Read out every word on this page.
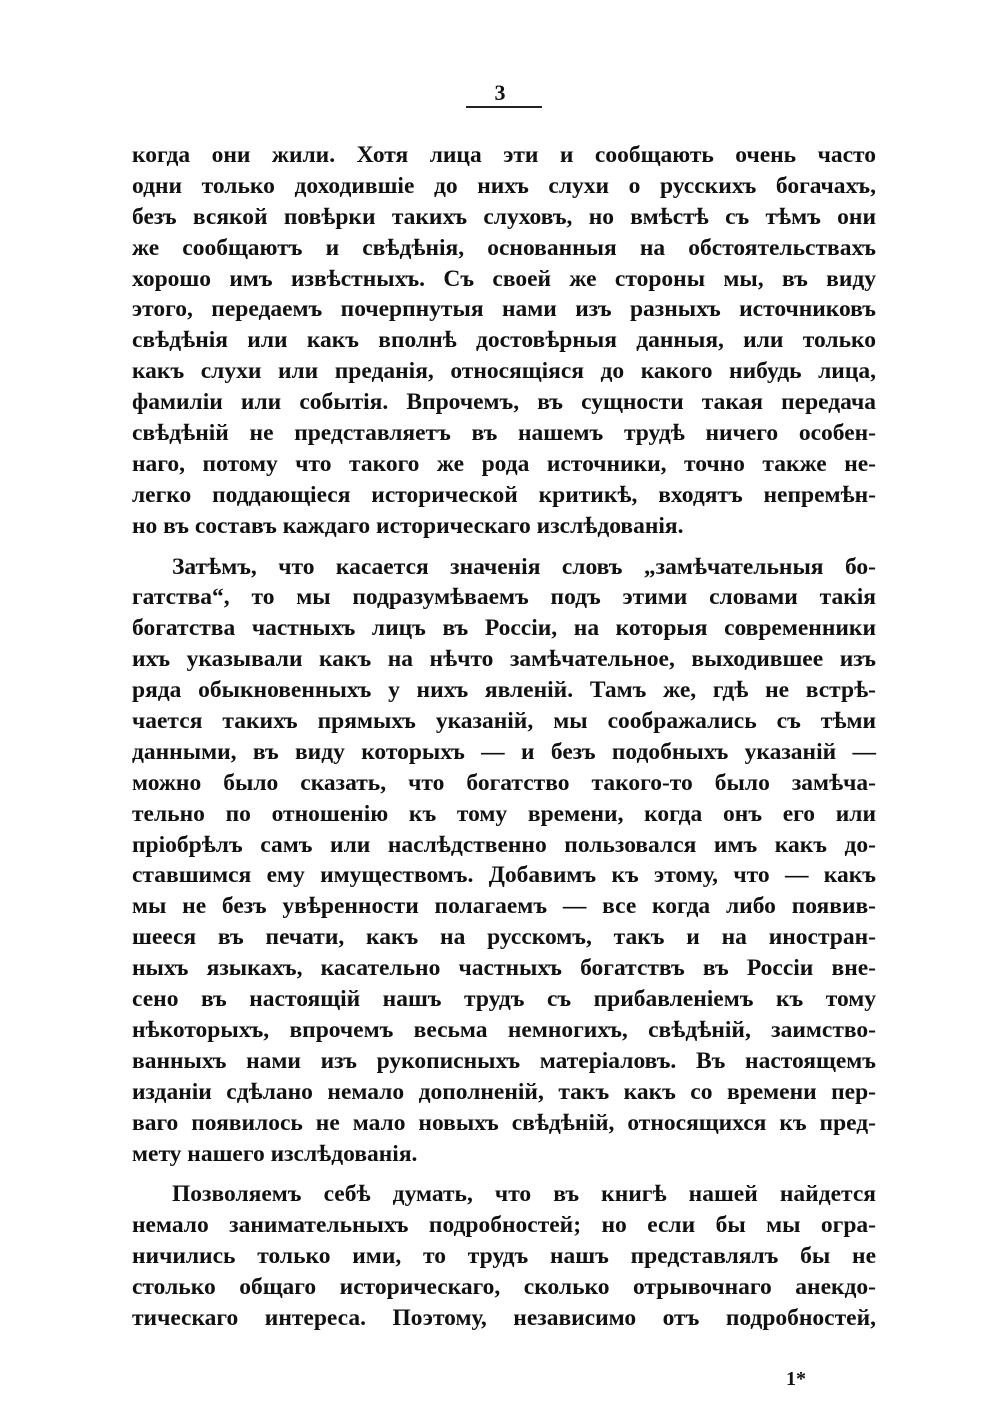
3
когда они жили. Хотя лица эти и сообщають очень часто
одни только доходившіе до нихъ слухи о русскихъ богачахъ,
безъ всякой повѣрки такихъ слуховъ, но вмѣстѣ съ тѣмъ они
же сообщаютъ и свѣдѣнія, основанныя на обстоятельствахъ
хорошо имъ извѣстныхъ. Съ своей же стороны мы, въ виду
этого, передаемъ почерпнутыя нами изъ разныхъ источниковъ
свѣдѣнія или какъ вполнѣ достовѣрныя данныя, или только
какъ слухи или преданія, относящіяся до какого нибудь лица,
фамиліи или событія. Впрочемъ, въ сущности такая передача
свѣдѣній не представляетъ въ нашемъ трудѣ ничего особен-
наго, потому что такого же рода источники, точно также не-
легко поддающіеся исторической критикѣ, входятъ непремѣн-
но въ составъ каждаго историческаго изслѣдованія.
Затѣмъ, что касается значенія словъ „замѣчательныя бо-
гатства“, то мы подразумѣваемъ подъ этими словами такія
богатства частныхъ лицъ въ Россіи, на которыя современники
ихъ указывали какъ на нѣчто замѣчательное, выходившее изъ
ряда обыкновенныхъ у нихъ явленій. Тамъ же, гдѣ не встрѣ-
чается такихъ прямыхъ указаній, мы соображались съ тѣми
данными, въ виду которыхъ — и безъ подобныхъ указаній —
можно было сказать, что богатство такого-то было замѣча-
тельно по отношенію къ тому времени, когда онъ его или
пріобрѣлъ самъ или наслѣдственно пользовался имъ какъ до-
ставшимся ему имуществомъ. Добавимъ къ этому, что — какъ
мы не безъ увѣренности полагаемъ — все когда либо появив-
шееся въ печати, какъ на русскомъ, такъ и на иностран-
ныхъ языкахъ, касательно частныхъ богатствъ въ Россіи вне-
сено въ настоящій нашъ трудъ съ прибавленіемъ къ тому
нѣкоторыхъ, впрочемъ весьма немногихъ, свѣдѣній, заимство-
ванныхъ нами изъ рукописныхъ матеріаловъ. Въ настоящемъ
изданіи сдѣлано немало дополненій, такъ какъ со времени пер-
ваго появилось не мало новыхъ свѣдѣній, относящихся къ пред-
мету нашего изслѣдованія.
Позволяемъ себѣ думать, что въ книгѣ нашей найдется
немало занимательныхъ подробностей; но если бы мы огра-
ничились только ими, то трудъ нашъ представлялъ бы не
столько общаго историческаго, сколько отрывочнаго анекдо-
тическаго интереса. Поэтому, независимо отъ подробностей,
1*
